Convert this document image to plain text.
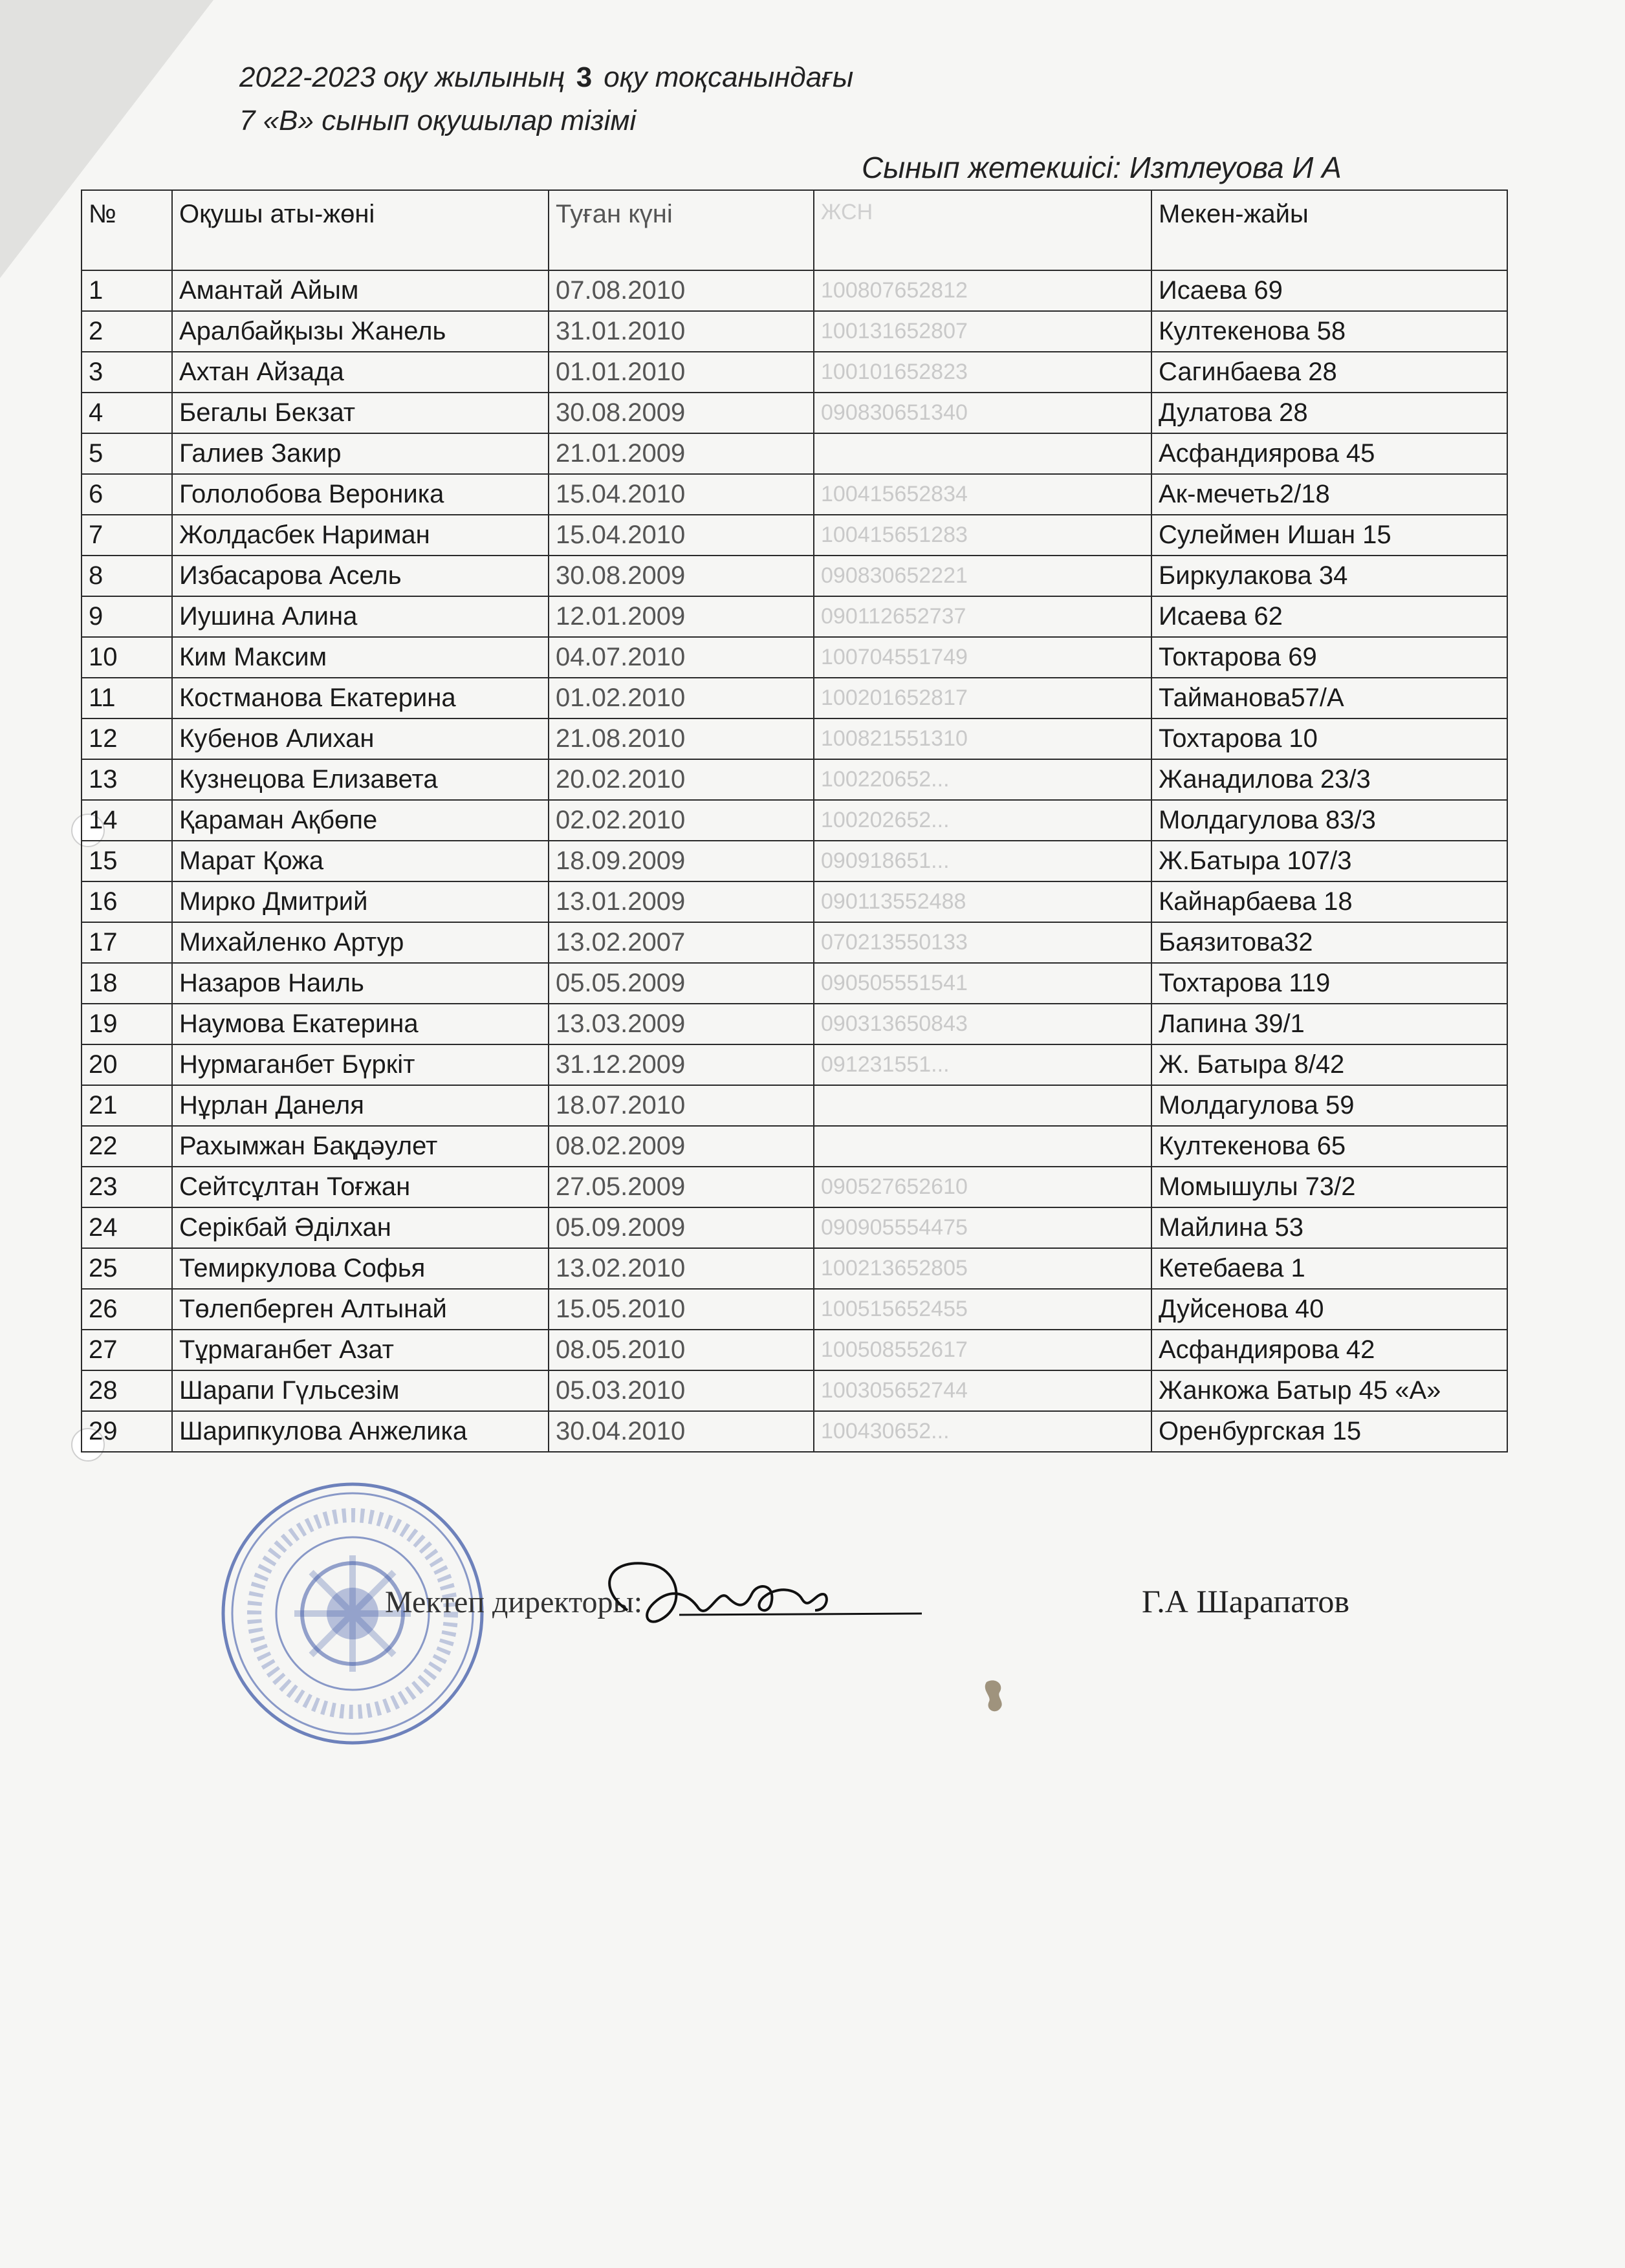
2022-2023 оқу жылының 3 оқу тоқсанындағы
7 «В» сынып оқушылар тізімі
Сынып жетекшісі: Изтлеуова И А
№	Оқушы аты-жөні	Туған күні	ЖСН	Мекен-жайы
1	Амантай Айым	07.08.2010	100807652812	Исаева 69
2	Аралбайқызы Жанель	31.01.2010	100131652807	Култекенова 58
3	Ахтан Айзада	01.01.2010	100101652823	Сагинбаева 28
4	Бегалы Бекзат	30.08.2009	090830651340	Дулатова 28
5	Галиев Закир	21.01.2009		Асфандиярова 45
6	Гололобова Вероника	15.04.2010	100415652834	Ак-мечеть2/18
7	Жолдасбек Нариман	15.04.2010	100415651283	Сулеймен Ишан 15
8	Избасарова Асель	30.08.2009	090830652221	Биркулакова 34
9	Иушина Алина	12.01.2009	090112652737	Исаева 62
10	Ким Максим	04.07.2010	100704551749	Токтарова 69
11	Костманова Екатерина	01.02.2010	100201652817	Тайманова57/А
12	Кубенов Алихан	21.08.2010	100821551310	Тохтарова 10
13	Кузнецова Елизавета	20.02.2010	100220652...	Жанадилова 23/3
14	Қараман Ақбөпе	02.02.2010	100202652...	Молдагулова 83/3
15	Марат Қожа	18.09.2009	090918651...	Ж.Батыра 107/3
16	Мирко Дмитрий	13.01.2009	090113552488	Кайнарбаева 18
17	Михайленко Артур	13.02.2007	070213550133	Баязитова32
18	Назаров Наиль	05.05.2009	090505551541	Тохтарова 119
19	Наумова Екатерина	13.03.2009	090313650843	Лапина 39/1
20	Нурмаганбет Бүркіт	31.12.2009	091231551...	Ж. Батыра 8/42
21	Нұрлан Данеля	18.07.2010		Молдагулова 59
22	Рахымжан Бақдәулет	08.02.2009		Култекенова 65
23	Сейтсұлтан Тоғжан	27.05.2009	090527652610	Момышулы 73/2
24	Серікбай Әділхан	05.09.2009	090905554475	Майлина 53
25	Темиркулова Софья	13.02.2010	100213652805	Кетебаева 1
26	Төлепберген Алтынай	15.05.2010	100515652455	Дуйсенова 40
27	Тұрмаганбет Азат	08.05.2010	100508552617	Асфандиярова 42
28	Шарапи Гүльсезім	05.03.2010	100305652744	Жанкожа Батыр 45 «А»
29	Шарипкулова Анжелика	30.04.2010	100430652...	Оренбургская 15
Мектеп директоры:	Г.А Шарапатов
